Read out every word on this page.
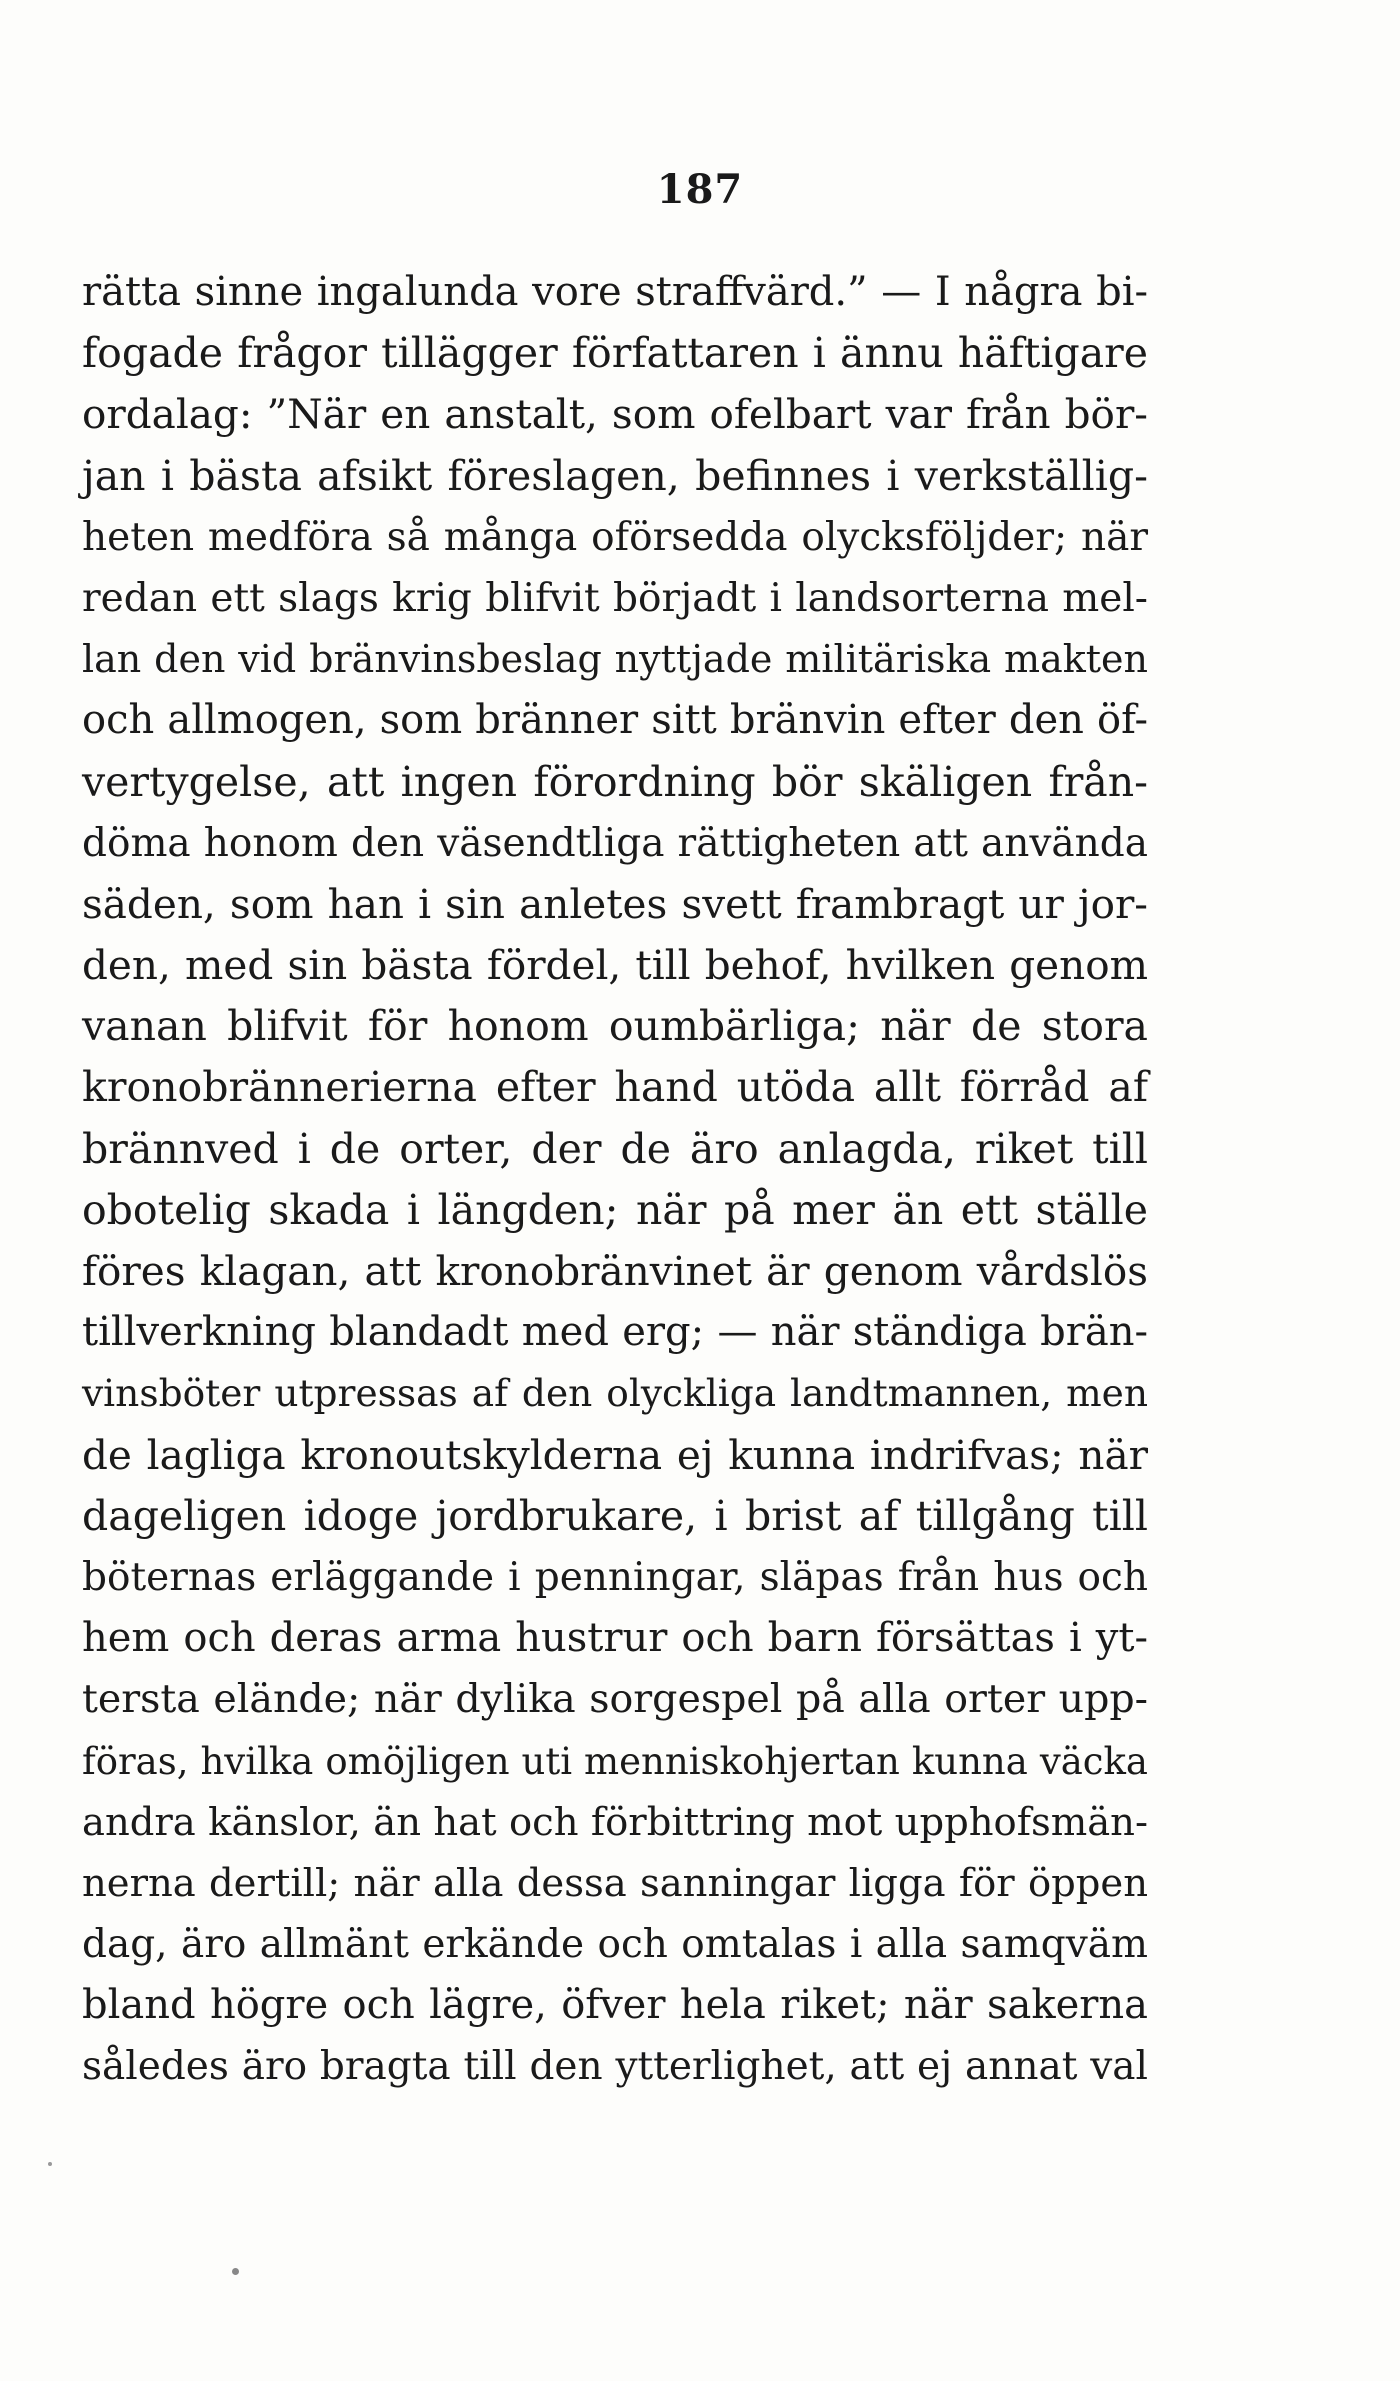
187
rätta sinne ingalunda vore straffvärd.” — I några bi-
fogade frågor tillägger författaren i ännu häftigare
ordalag: ”När en anstalt, som ofelbart var från bör-
jan i bästa afsikt föreslagen, befinnes i verkställig-
heten medföra så många oförsedda olycksföljder; när
redan ett slags krig blifvit börjadt i landsorterna mel-
lan den vid bränvinsbeslag nyttjade militäriska makten
och allmogen, som bränner sitt bränvin efter den öf-
vertygelse, att ingen förordning bör skäligen från-
döma honom den väsendtliga rättigheten att använda
säden, som han i sin anletes svett frambragt ur jor-
den, med sin bästa fördel, till behof, hvilken genom
vanan blifvit för honom oumbärliga; när de stora
kronobrännerierna efter hand utöda allt förråd af
brännved i de orter, der de äro anlagda, riket till
obotelig skada i längden; när på mer än ett ställe
föres klagan, att kronobränvinet är genom vårdslös
tillverkning blandadt med erg; — när ständiga brän-
vinsböter utpressas af den olyckliga landtmannen, men
de lagliga kronoutskylderna ej kunna indrifvas; när
dageligen idoge jordbrukare, i brist af tillgång till
böternas erläggande i penningar, släpas från hus och
hem och deras arma hustrur och barn försättas i yt-
tersta elände; när dylika sorgespel på alla orter upp-
föras, hvilka omöjligen uti menniskohjertan kunna väcka
andra känslor, än hat och förbittring mot upphofsmän-
nerna dertill; när alla dessa sanningar ligga för öppen
dag, äro allmänt erkände och omtalas i alla samqväm
bland högre och lägre, öfver hela riket; när sakerna
således äro bragta till den ytterlighet, att ej annat val
